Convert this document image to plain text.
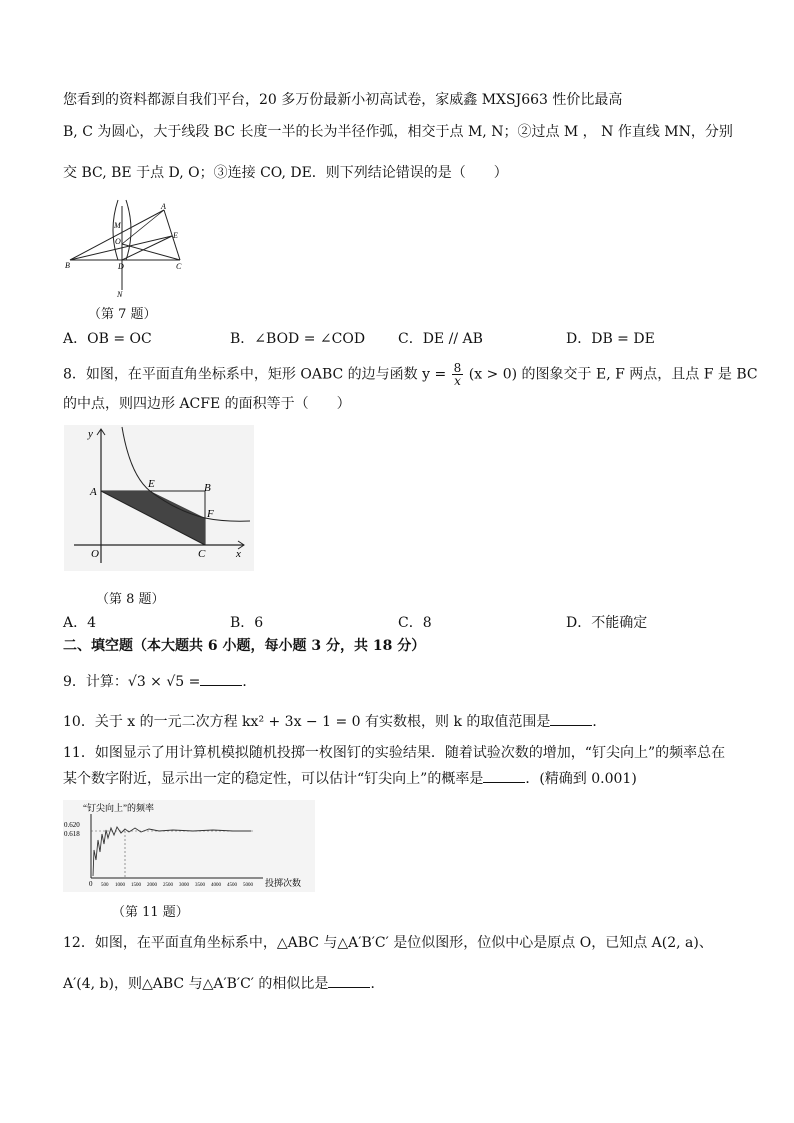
您看到的资料都源自我们平台，20 多万份最新小初高试卷，家威鑫 MXSJ663 性价比最高
B, C 为圆心，大于线段 BC 长度一半的长为半径作弧，相交于点 M, N；②过点 M ， N 作直线 MN，分别
交 BC, BE 于点 D, O；③连接 CO, DE．则下列结论错误的是（　　）
A
M
O
E
B	D	C
N
（第 7 题）
A．OB = OC	B．∠BOD = ∠COD C．DE // AB	D．DB = DE
8．如图，在平面直角坐标系中，矩形 OABC 的边与函数 $y = \frac{8}{x} (x > 0)$ 的图象交于 E, F 两点，且点 F 是 BC
的中点，则四边形 ACFE 的面积等于（　　）
y
A
E	B
F
O	C	x
（第 8 题）
A．4	B．6	C．8	D．不能确定
二、填空题（本大题共 6 小题，每小题 3 分，共 18 分）
9．计算：√3 × √5 =	．
10．关于 x 的一元二次方程 kx² + 3x − 1 = 0 有实数根，则 k 的取值范围是	．
11．如图显示了用计算机模拟随机投掷一枚图钉的实验结果．随着试验次数的增加，“钉尖向上”的频率总在
某个数字附近，显示出一定的稳定性，可以估计“钉尖向上”的概率是	．(精确到 0.001)
“钉尖向上”的频率
0.620
0.618
0 500 1000 1500 2000 2500 3000 3500 4000 4500 5000 投掷次数
（第 11 题）
12．如图，在平面直角坐标系中，△ABC 与△A′B′C′ 是位似图形，位似中心是原点 O，已知点 A(2, a)、
A′(4, b)，则△ABC 与△A′B′C′ 的相似比是	．
